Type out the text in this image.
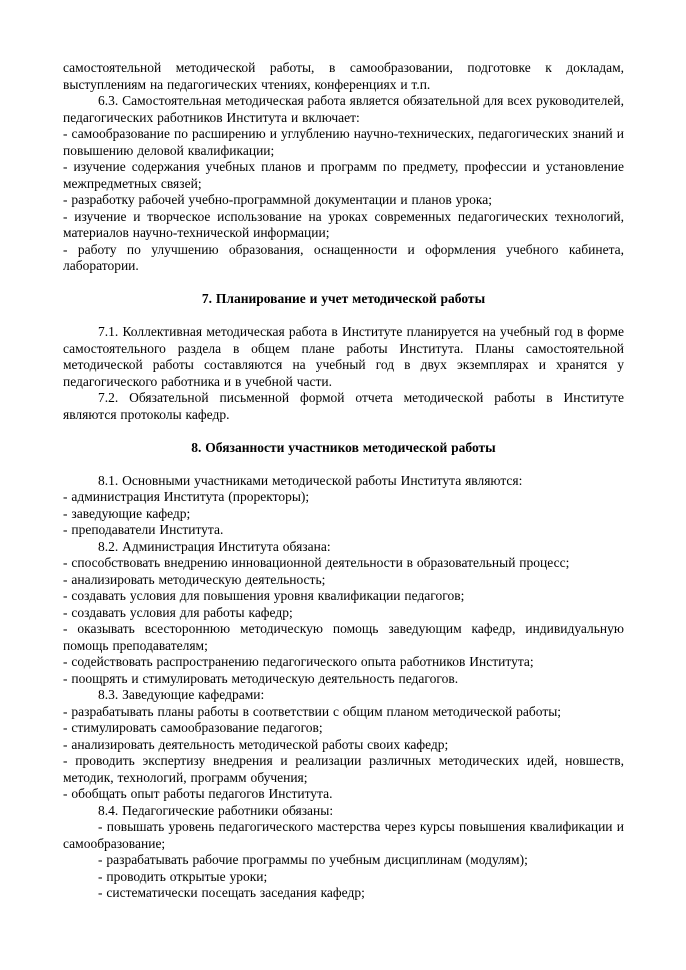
самостоятельной методической работы, в самообразовании, подготовке к докладам, выступлениям на педагогических чтениях, конференциях и т.п.

6.3. Самостоятельная методическая работа является обязательной для всех руководителей, педагогических работников Института и включает:

- самообразование по расширению и углублению научно-технических, педагогических знаний и повышению деловой квалификации;

- изучение содержания учебных планов и программ по предмету, профессии и установление межпредметных связей;

- разработку рабочей учебно-программной документации и планов урока;

- изучение и творческое использование на уроках современных педагогических технологий, материалов научно-технической информации;

- работу по улучшению образования, оснащенности и оформления учебного кабинета, лаборатории.

7. Планирование и учет методической работы

7.1. Коллективная методическая работа в Институте планируется на учебный год в форме самостоятельного раздела в общем плане работы Института. Планы самостоятельной методической работы составляются на учебный год в двух экземплярах и хранятся у педагогического работника и в учебной части.

7.2. Обязательной письменной формой отчета методической работы в Институте являются протоколы кафедр.

8. Обязанности участников методической работы

8.1. Основными участниками методической работы Института являются:

- администрация Института (проректоры);

- заведующие кафедр;

- преподаватели Института.

8.2. Администрация Института обязана:

- способствовать внедрению инновационной деятельности в образовательный процесс;

- анализировать методическую деятельность;

- создавать условия для повышения уровня квалификации педагогов;

- создавать условия для работы кафедр;

- оказывать всестороннюю методическую помощь заведующим кафедр, индивидуальную помощь преподавателям;

- содействовать распространению педагогического опыта работников Института;

- поощрять и стимулировать методическую деятельность педагогов.

8.3. Заведующие кафедрами:

- разрабатывать планы работы в соответствии с общим планом методической работы;

- стимулировать самообразование педагогов;

- анализировать деятельность методической работы своих кафедр;

- проводить экспертизу внедрения и реализации различных методических идей, новшеств, методик, технологий, программ обучения;

- обобщать опыт работы педагогов Института.

8.4. Педагогические работники обязаны:

- повышать уровень педагогического мастерства через курсы повышения квалификации и самообразование;

- разрабатывать рабочие программы по учебным дисциплинам (модулям);

- проводить открытые уроки;

- систематически посещать заседания кафедр;
